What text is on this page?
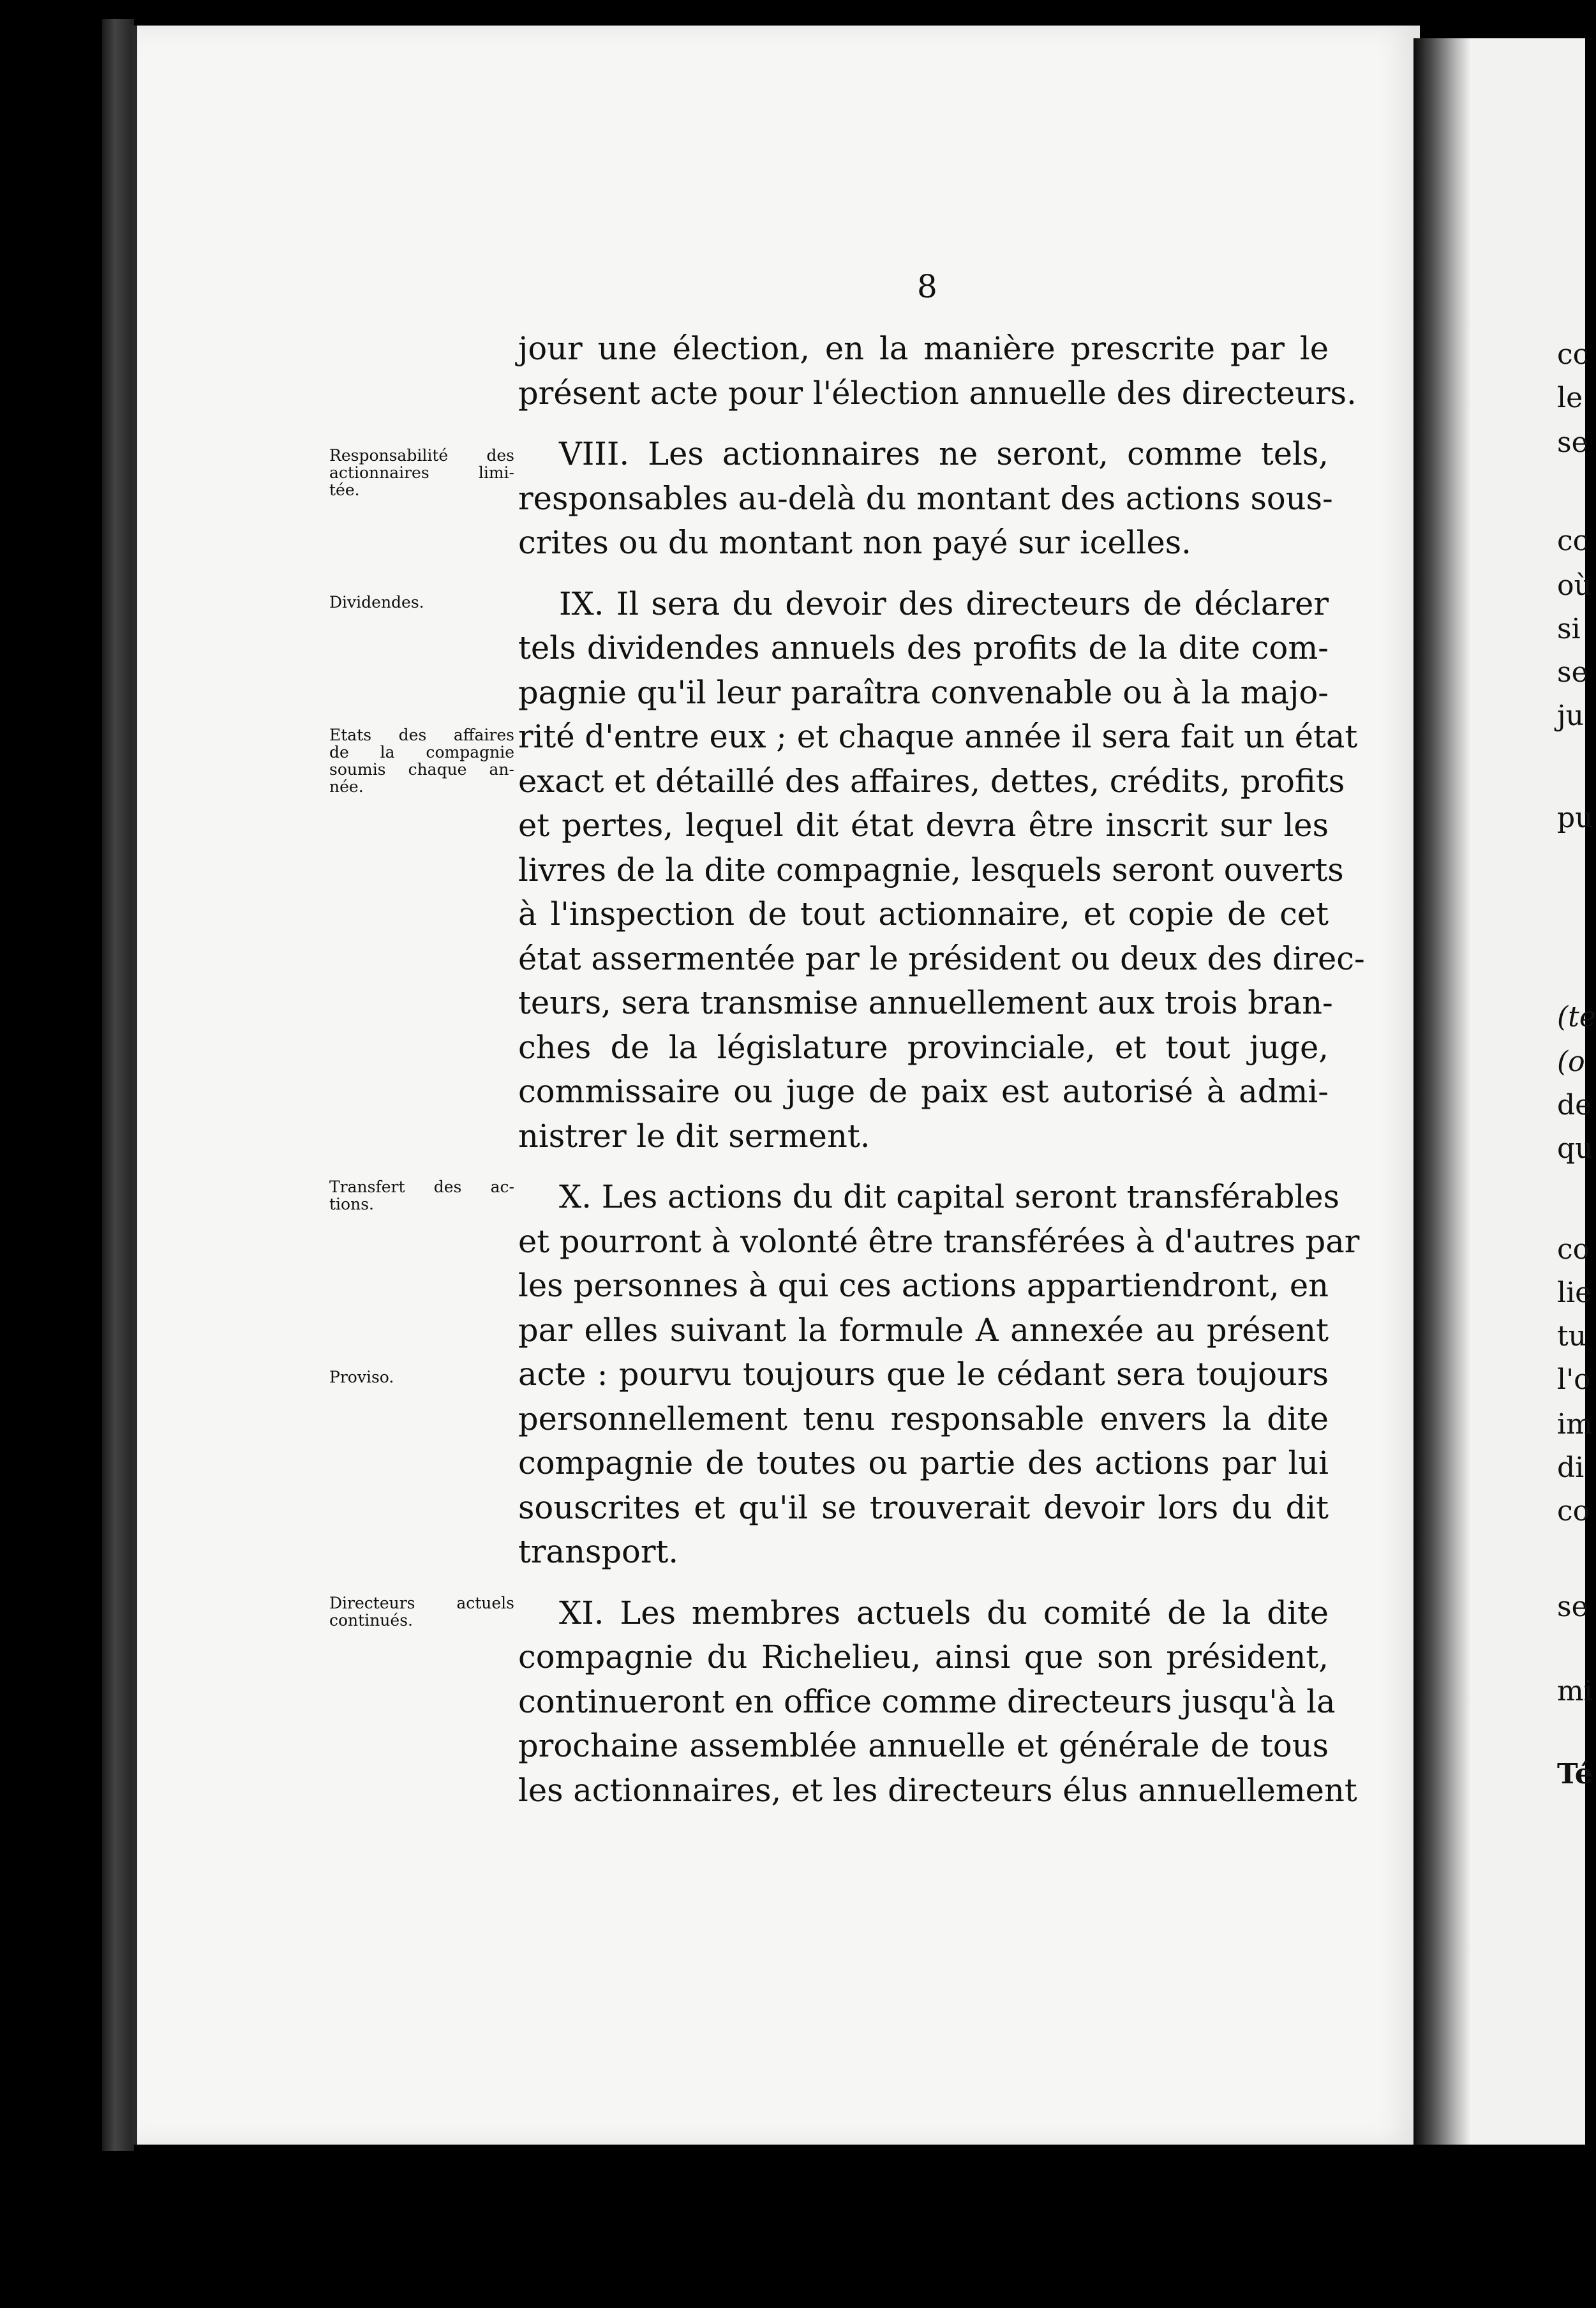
cc
le
se
cc
où
si
se
ju
pu
(te
(o
de
qu
co
lie
tu
l'o
im
di
co
se
mi
Té
8
Responsabilité des
actionnaires limi-
tée.
Dividendes.
Etats des affaires
de la compagnie
soumis chaque an-
née.
Transfert des ac-
tions.
Proviso.
Directeurs actuels
continués.
jour une élection, en la manière prescrite par le
présent acte pour l'élection annuelle des directeurs.
VIII. Les actionnaires ne seront, comme tels,
responsables au-delà du montant des actions sous-
crites ou du montant non payé sur icelles.
IX. Il sera du devoir des directeurs de déclarer
tels dividendes annuels des profits de la dite com-
pagnie qu'il leur paraîtra convenable ou à la majo-
rité d'entre eux ; et chaque année il sera fait un état
exact et détaillé des affaires, dettes, crédits, profits
et pertes, lequel dit état devra être inscrit sur les
livres de la dite compagnie, lesquels seront ouverts
à l'inspection de tout actionnaire, et copie de cet
état assermentée par le président ou deux des direc-
teurs, sera transmise annuellement aux trois bran-
ches de la législature provinciale, et tout juge,
commissaire ou juge de paix est autorisé à admi-
nistrer le dit serment.
X. Les actions du dit capital seront transférables
et pourront à volonté être transférées à d'autres par
les personnes à qui ces actions appartiendront, en
par elles suivant la formule A annexée au présent
acte : pourvu toujours que le cédant sera toujours
personnellement tenu responsable envers la dite
compagnie de toutes ou partie des actions par lui
souscrites et qu'il se trouverait devoir lors du dit
transport.
XI. Les membres actuels du comité de la dite
compagnie du Richelieu, ainsi que son président,
continueront en office comme directeurs jusqu'à la
prochaine assemblée annuelle et générale de tous
les actionnaires, et les directeurs élus annuellement
